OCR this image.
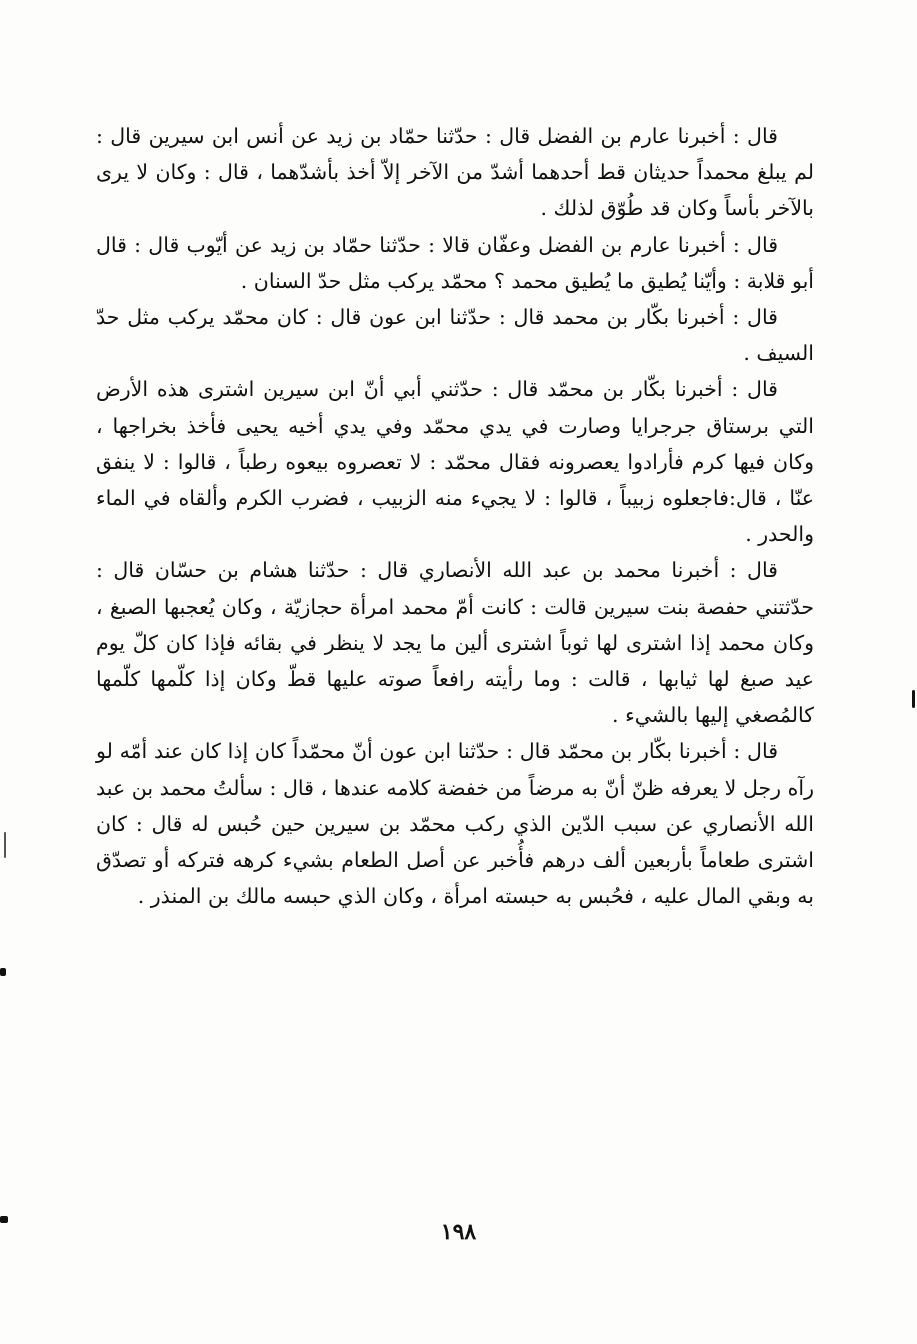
قال : أخبرنا عارم بن الفضل قال : حدّثنا حمّاد بن زيد عن أنس ابن سيرين قال : لم يبلغ محمداً حديثان قط أحدهما أشدّ من الآخر إلاّ أخذ بأشدّهما ، قال : وكان لا يرى بالآخر بأساً وكان قد طُوّق لذلك .

قال : أخبرنا عارم بن الفضل وعفّان قالا : حدّثنا حمّاد بن زيد عن أيّوب قال : قال أبو قلابة : وأيّنا يُطيق ما يُطيق محمد ؟ محمّد يركب مثل حدّ السنان .

قال : أخبرنا بكّار بن محمد قال : حدّثنا ابن عون قال : كان محمّد يركب مثل حدّ السيف .

قال : أخبرنا بكّار بن محمّد قال : حدّثني أبي أنّ ابن سيرين اشترى هذه الأرض التي برستاق جرجرايا وصارت في يدي محمّد وفي يدي أخيه يحيى فأخذ بخراجها ، وكان فيها كرم فأرادوا يعصرونه فقال محمّد : لا تعصروه بيعوه رطباً ، قالوا : لا ينفق عنّا ، قال:فاجعلوه زبيباً ، قالوا : لا يجيء منه الزبيب ، فضرب الكرم وألقاه في الماء والحدر .

قال : أخبرنا محمد بن عبد الله الأنصاري قال : حدّثنا هشام بن حسّان قال : حدّثتني حفصة بنت سيرين قالت : كانت أمّ محمد امرأة حجازيّة ، وكان يُعجبها الصبغ ، وكان محمد إذا اشترى لها ثوباً اشترى ألين ما يجد لا ينظر في بقائه فإذا كان كلّ يوم عيد صبغ لها ثيابها ، قالت : وما رأيته رافعاً صوته عليها قطّ وكان إذا كلّمها كلّمها كالمُصغي إليها بالشيء .

قال : أخبرنا بكّار بن محمّد قال : حدّثنا ابن عون أنّ محمّداً كان إذا كان عند أمّه لو رآه رجل لا يعرفه ظنّ أنّ به مرضاً من خفضة كلامه عندها ، قال : سألتُ محمد بن عبد الله الأنصاري عن سبب الدّين الذي ركب محمّد بن سيرين حين حُبس له قال : كان اشترى طعاماً بأربعين ألف درهم فأُخبر عن أصل الطعام بشيء كرهه فتركه أو تصدّق به وبقي المال عليه ، فحُبس به حبسته امرأة ، وكان الذي حبسه مالك بن المنذر .

١٩٨
